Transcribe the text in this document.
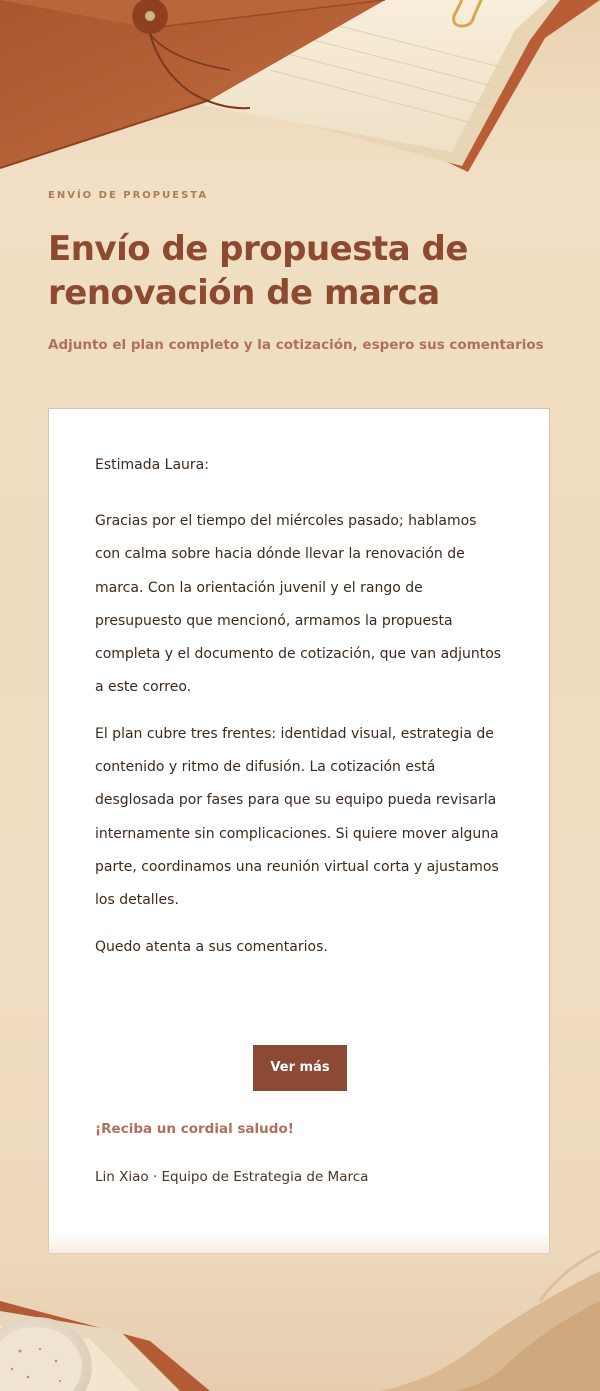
ENVÍO DE PROPUESTA

Envío de propuesta de renovación de marca

Adjunto el plan completo y la cotización, espero sus comentarios

Estimada Laura:

Gracias por el tiempo del miércoles pasado; hablamos con calma sobre hacia dónde llevar la renovación de marca. Con la orientación juvenil y el rango de presupuesto que mencionó, armamos la propuesta completa y el documento de cotización, que van adjuntos a este correo.

El plan cubre tres frentes: identidad visual, estrategia de contenido y ritmo de difusión. La cotización está desglosada por fases para que su equipo pueda revisarla internamente sin complicaciones. Si quiere mover alguna parte, coordinamos una reunión virtual corta y ajustamos los detalles.

Quedo atenta a sus comentarios.

Ver más

¡Reciba un cordial saludo!

Lin Xiao · Equipo de Estrategia de Marca
